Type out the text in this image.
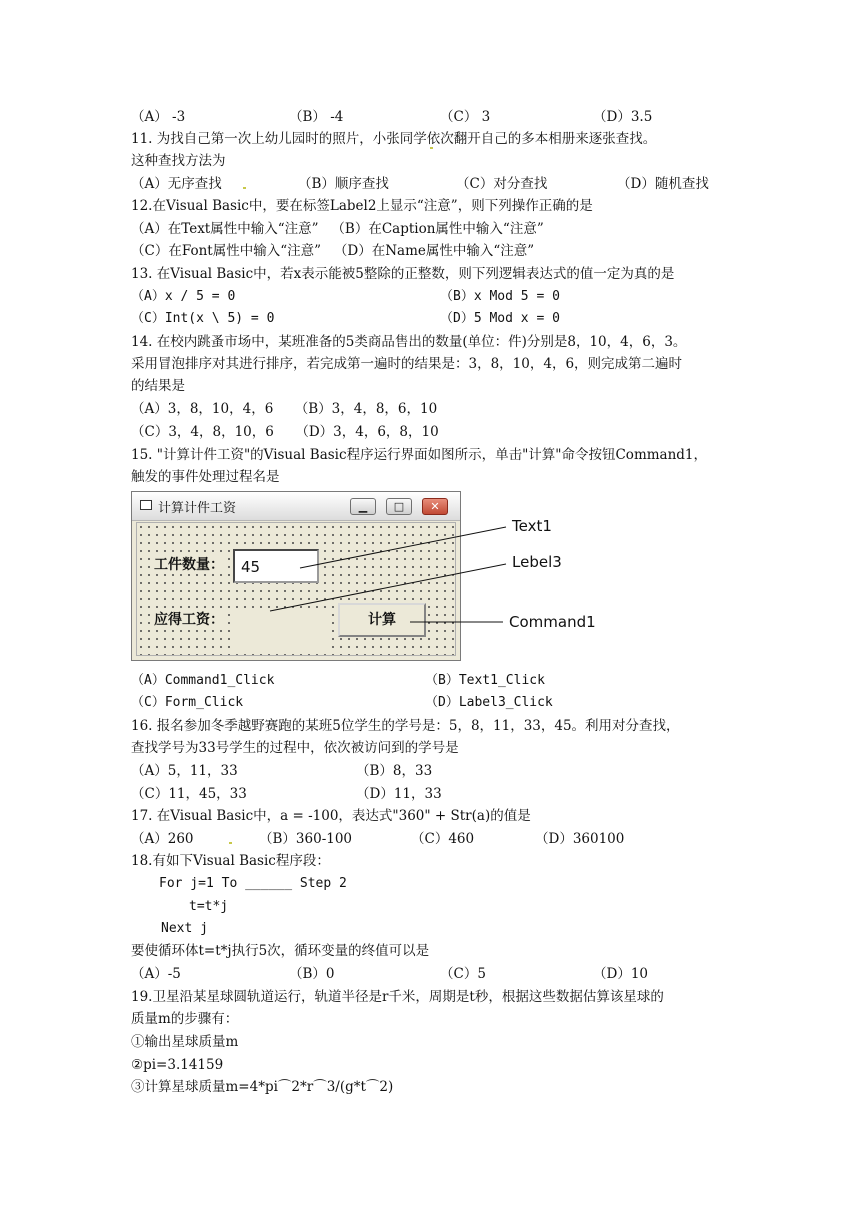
（A） -3	（B） -4	（C） 3	（D）3.5
11. 为找自己第一次上幼儿园时的照片，小张同学依次翻开自己的多本相册来逐张查找。
这种查找方法为
（A）无序查找	（B）顺序查找	（C）对分查找	（D）随机查找
12.在Visual Basic中，要在标签Label2上显示“注意”，则下列操作正确的是
（A）在Text属性中输入“注意”   （B）在Caption属性中输入“注意”
（C）在Font属性中输入“注意”   （D）在Name属性中输入“注意”
13. 在Visual Basic中，若x表示能被5整除的正整数，则下列逻辑表达式的值一定为真的是
（A）x / 5 = 0	（B）x Mod 5 = 0
（C）Int(x \ 5) = 0	（D）5 Mod x = 0
14. 在校内跳蚤市场中，某班准备的5类商品售出的数量(单位：件)分别是8，10，4，6，3。
采用冒泡排序对其进行排序，若完成第一遍时的结果是：3，8，10，4，6，则完成第二遍时
的结果是
（A）3，8，10，4，6     （B）3，4，8，6，10
（C）3，4，8，10，6     （D）3，4，6，8，10
15. "计算计件工资"的Visual Basic程序运行界面如图所示，单击"计算"命令按钮Command1，
触发的事件处理过程名是
计算计件工资	▁	□	✕
工件数量：	45
应得工资：	计算
Text1
Lebel3
Command1
（A）Command1_Click	（B）Text1_Click
（C）Form_Click	（D）Label3_Click
16. 报名参加冬季越野赛跑的某班5位学生的学号是：5，8，11，33，45。利用对分查找，
查找学号为33号学生的过程中，依次被访问到的学号是
（A）5，11，33	（B）8，33
（C）11，45，33	（D）11，33
17. 在Visual Basic中，a = -100，表达式"360" + Str(a)的值是
（A）260	（B）360-100	（C）460	（D）360100
18.有如下Visual Basic程序段：
For j=1 To ______ Step 2
t=t*j
Next j
要使循环体t=t*j执行5次，循环变量的终值可以是
（A）-5	（B）0	（C）5	（D）10
19.卫星沿某星球圆轨道运行，轨道半径是r千米，周期是t秒，根据这些数据估算该星球的
质量m的步骤有：
①输出星球质量m
②pi=3.14159
③计算星球质量m=4*pi⌒2*r⌒3/(g*t⌒2)
